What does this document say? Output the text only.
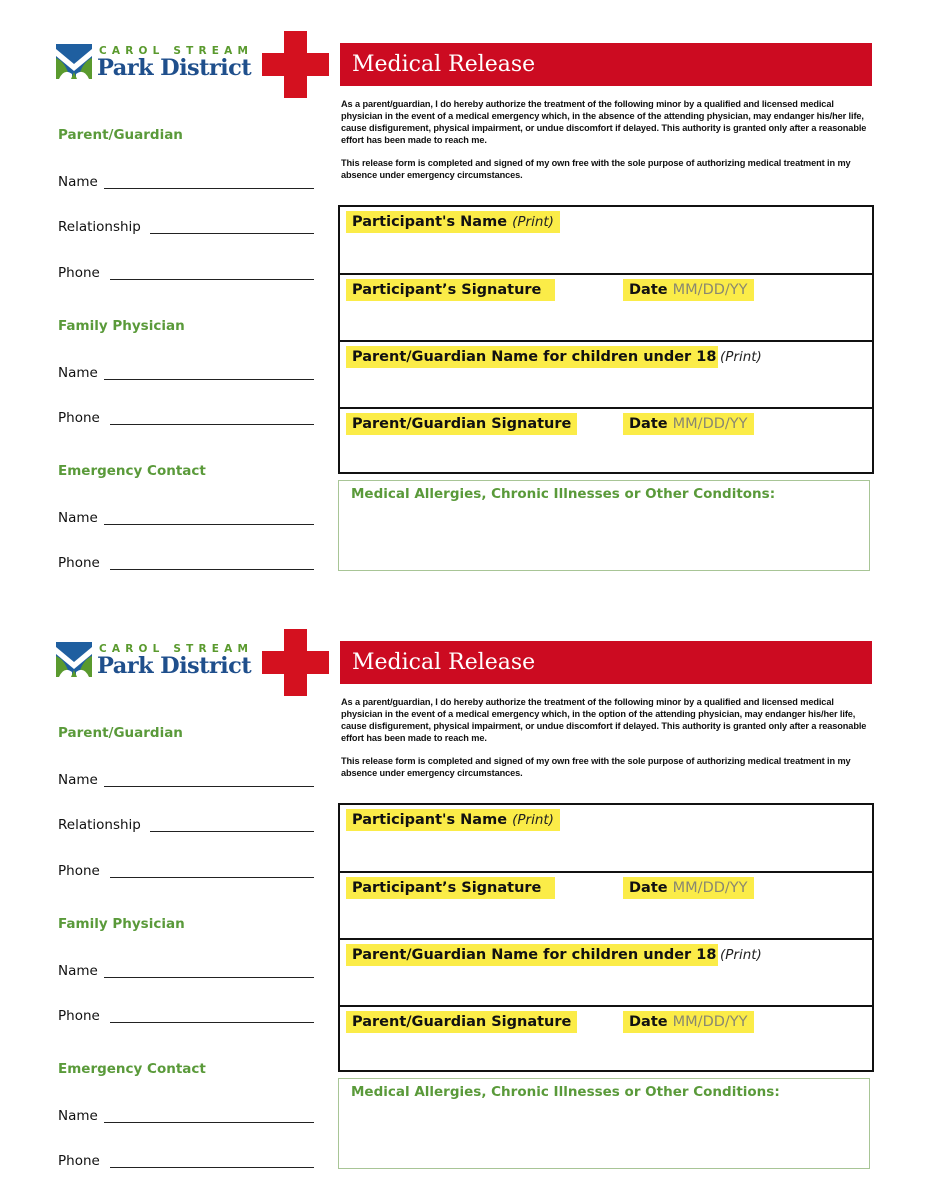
CAROL STREAM
Park District	Medical Release

As a parent/guardian, I do hereby authorize the treatment of the following minor by a qualified and licensed medical physician in the event of a medical emergency which, in the absence of the attending physician, may endanger his/her life, cause disfigurement, physical impairment, or undue discomfort if delayed. This authority is granted only after a reasonable effort has been made to reach me.

This release form is completed and signed of my own free with the sole purpose of authorizing medical treatment in my absence under emergency circumstances.

Parent/Guardian
Name
Relationship
Phone
Family Physician
Name
Phone
Emergency Contact
Name
Phone
Participant's Name (Print)
Participant’s Signature	Date MM/DD/YY
Parent/Guardian Name for children under 18 (Print)
Parent/Guardian Signature	Date MM/DD/YY
Medical Allergies, Chronic Illnesses or Other Conditons:
CAROL STREAM
Park District	Medical Release

As a parent/guardian, I do hereby authorize the treatment of the following minor by a qualified and licensed medical physician in the event of a medical emergency which, in the option of the attending physician, may endanger his/her life, cause disfigurement, physical impairment, or undue discomfort if delayed. This authority is granted only after a reasonable effort has been made to reach me.

This release form is completed and signed of my own free with the sole purpose of authorizing medical treatment in my absence under emergency circumstances.

Parent/Guardian
Name
Relationship
Phone
Family Physician
Name
Phone
Emergency Contact
Name
Phone
Participant's Name (Print)
Participant’s Signature	Date MM/DD/YY
Parent/Guardian Name for children under 18 (Print)
Parent/Guardian Signature	Date MM/DD/YY
Medical Allergies, Chronic Illnesses or Other Conditions:
